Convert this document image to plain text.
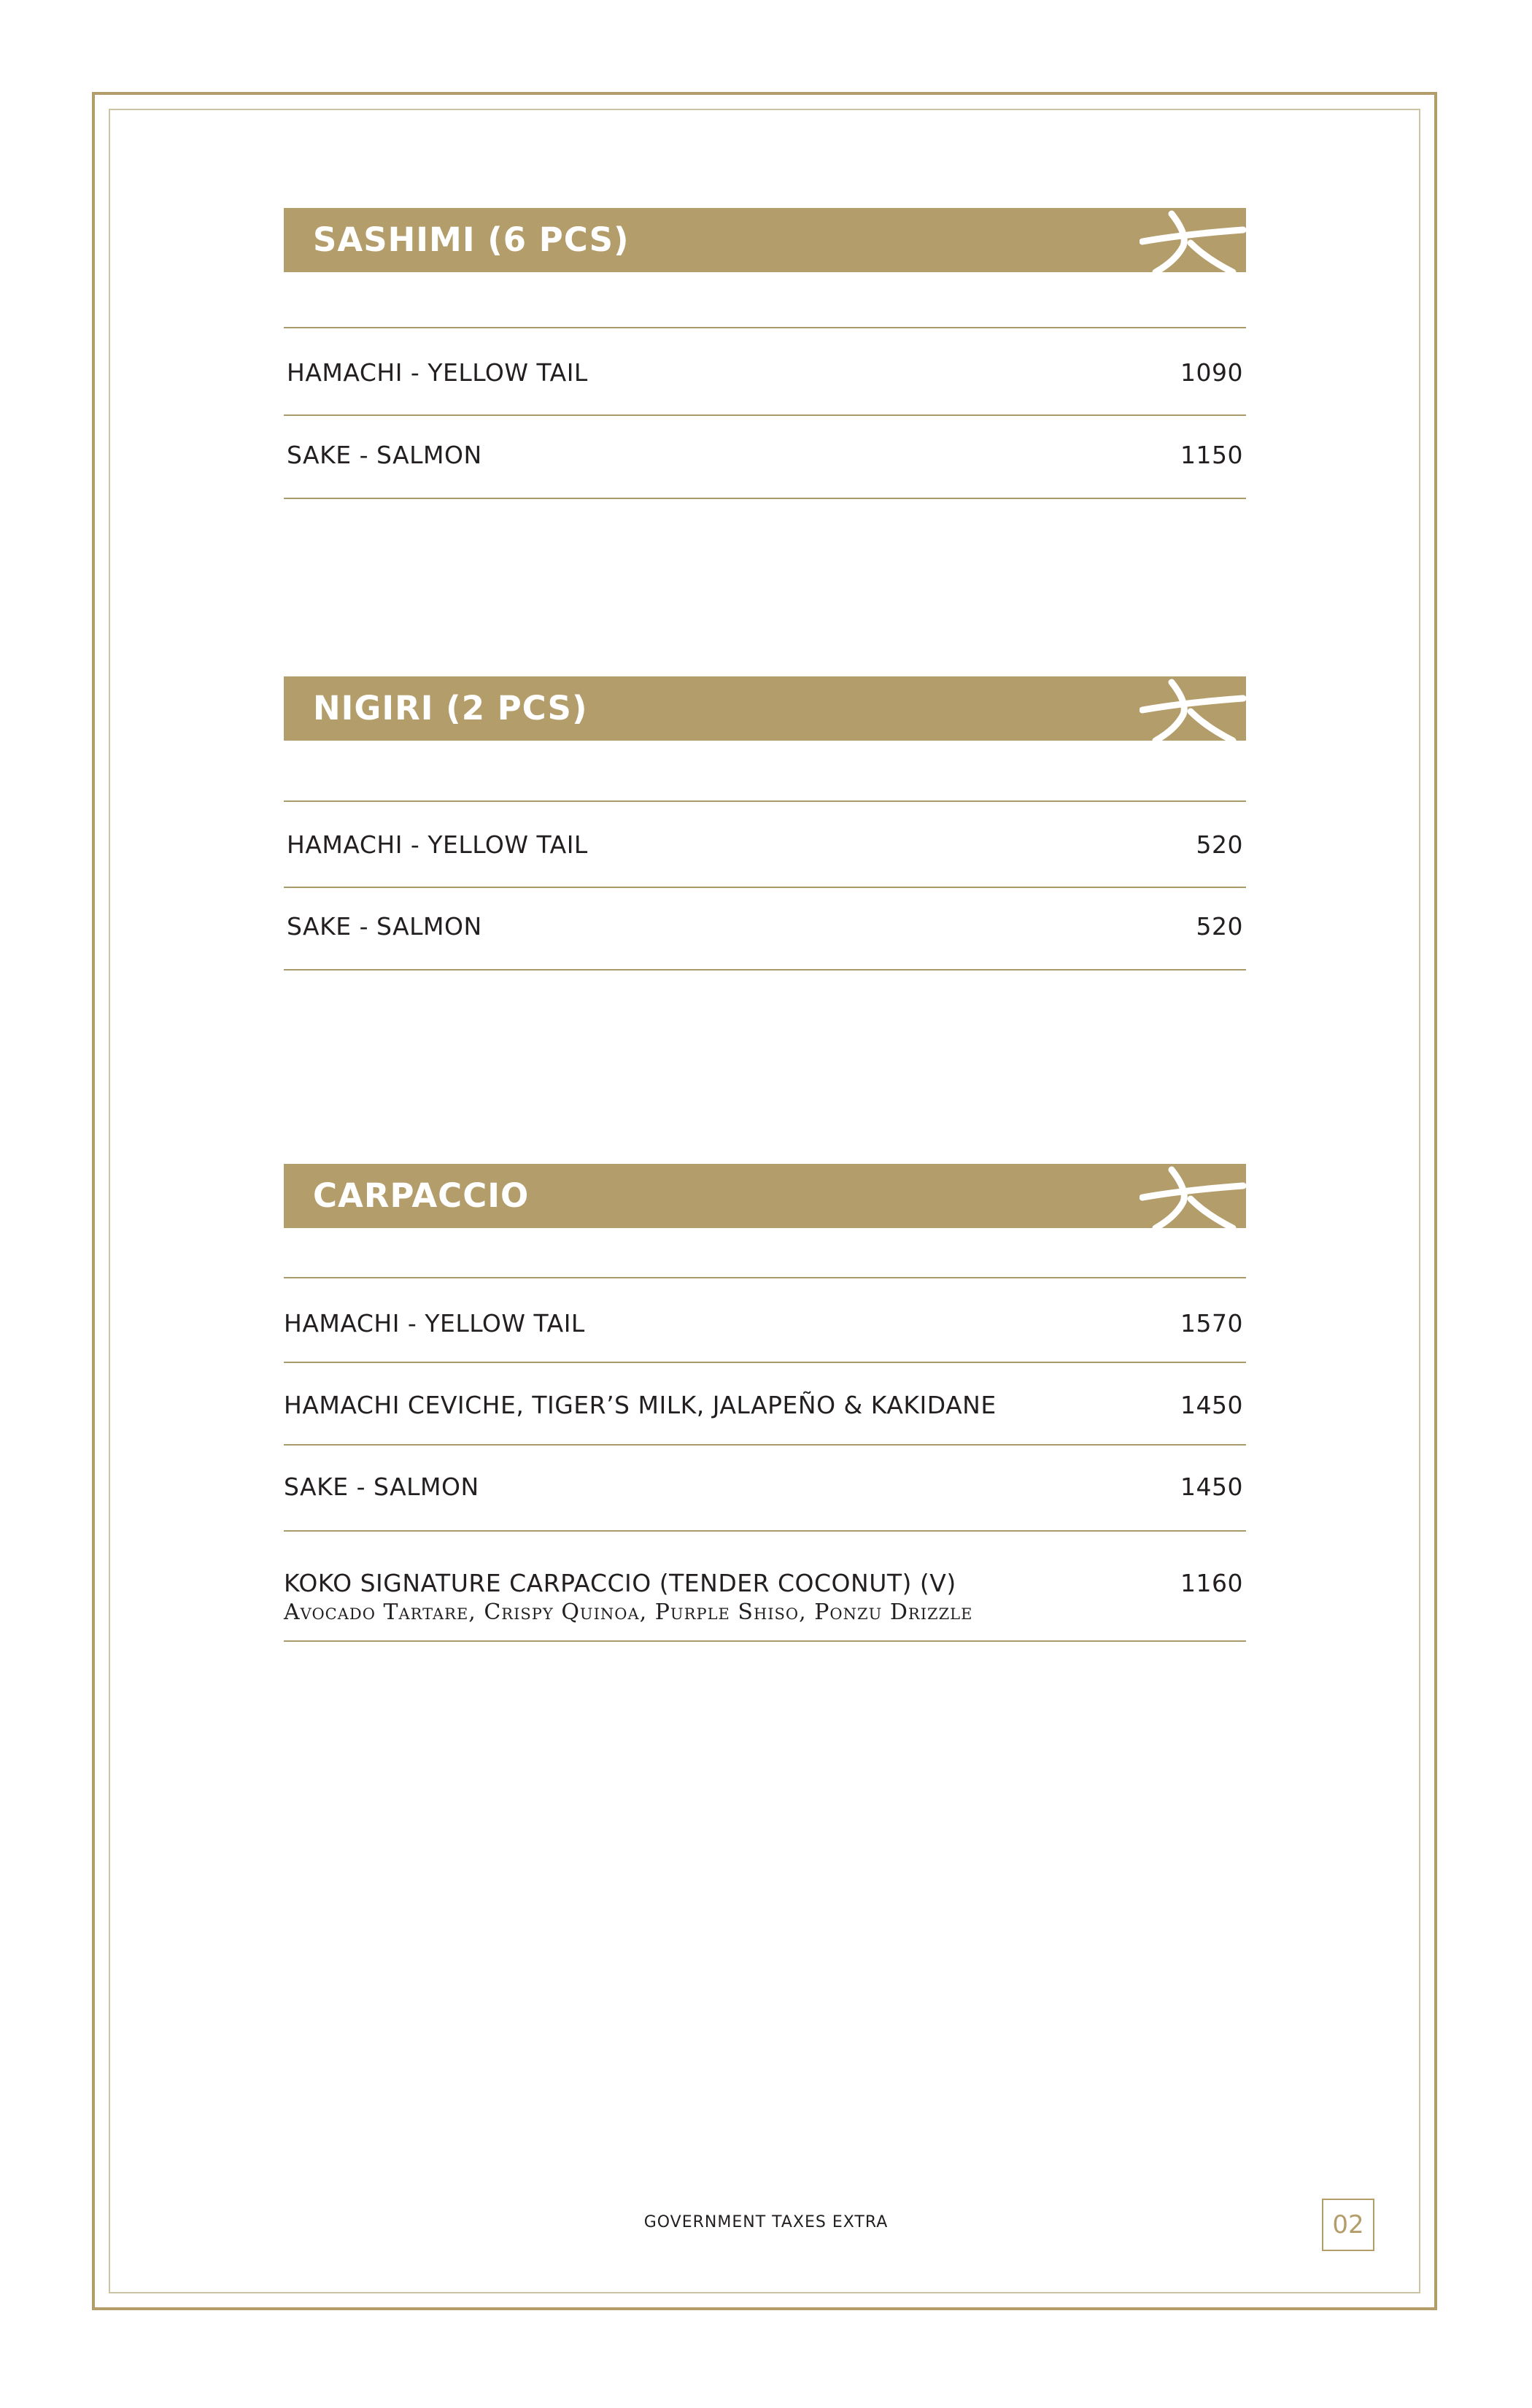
SASHIMI (6 PCS)
HAMACHI - YELLOW TAIL	1090
SAKE - SALMON	1150
NIGIRI (2 PCS)
HAMACHI - YELLOW TAIL	520
SAKE - SALMON	520
CARPACCIO
HAMACHI - YELLOW TAIL	1570
HAMACHI CEVICHE, TIGER’S MILK, JALAPEÑO & KAKIDANE	1450
SAKE - SALMON	1450
KOKO SIGNATURE CARPACCIO (TENDER COCONUT) (V)	1160
Avocado Tartare, Crispy Quinoa, Purple Shiso, Ponzu Drizzle
GOVERNMENT TAXES EXTRA	02
